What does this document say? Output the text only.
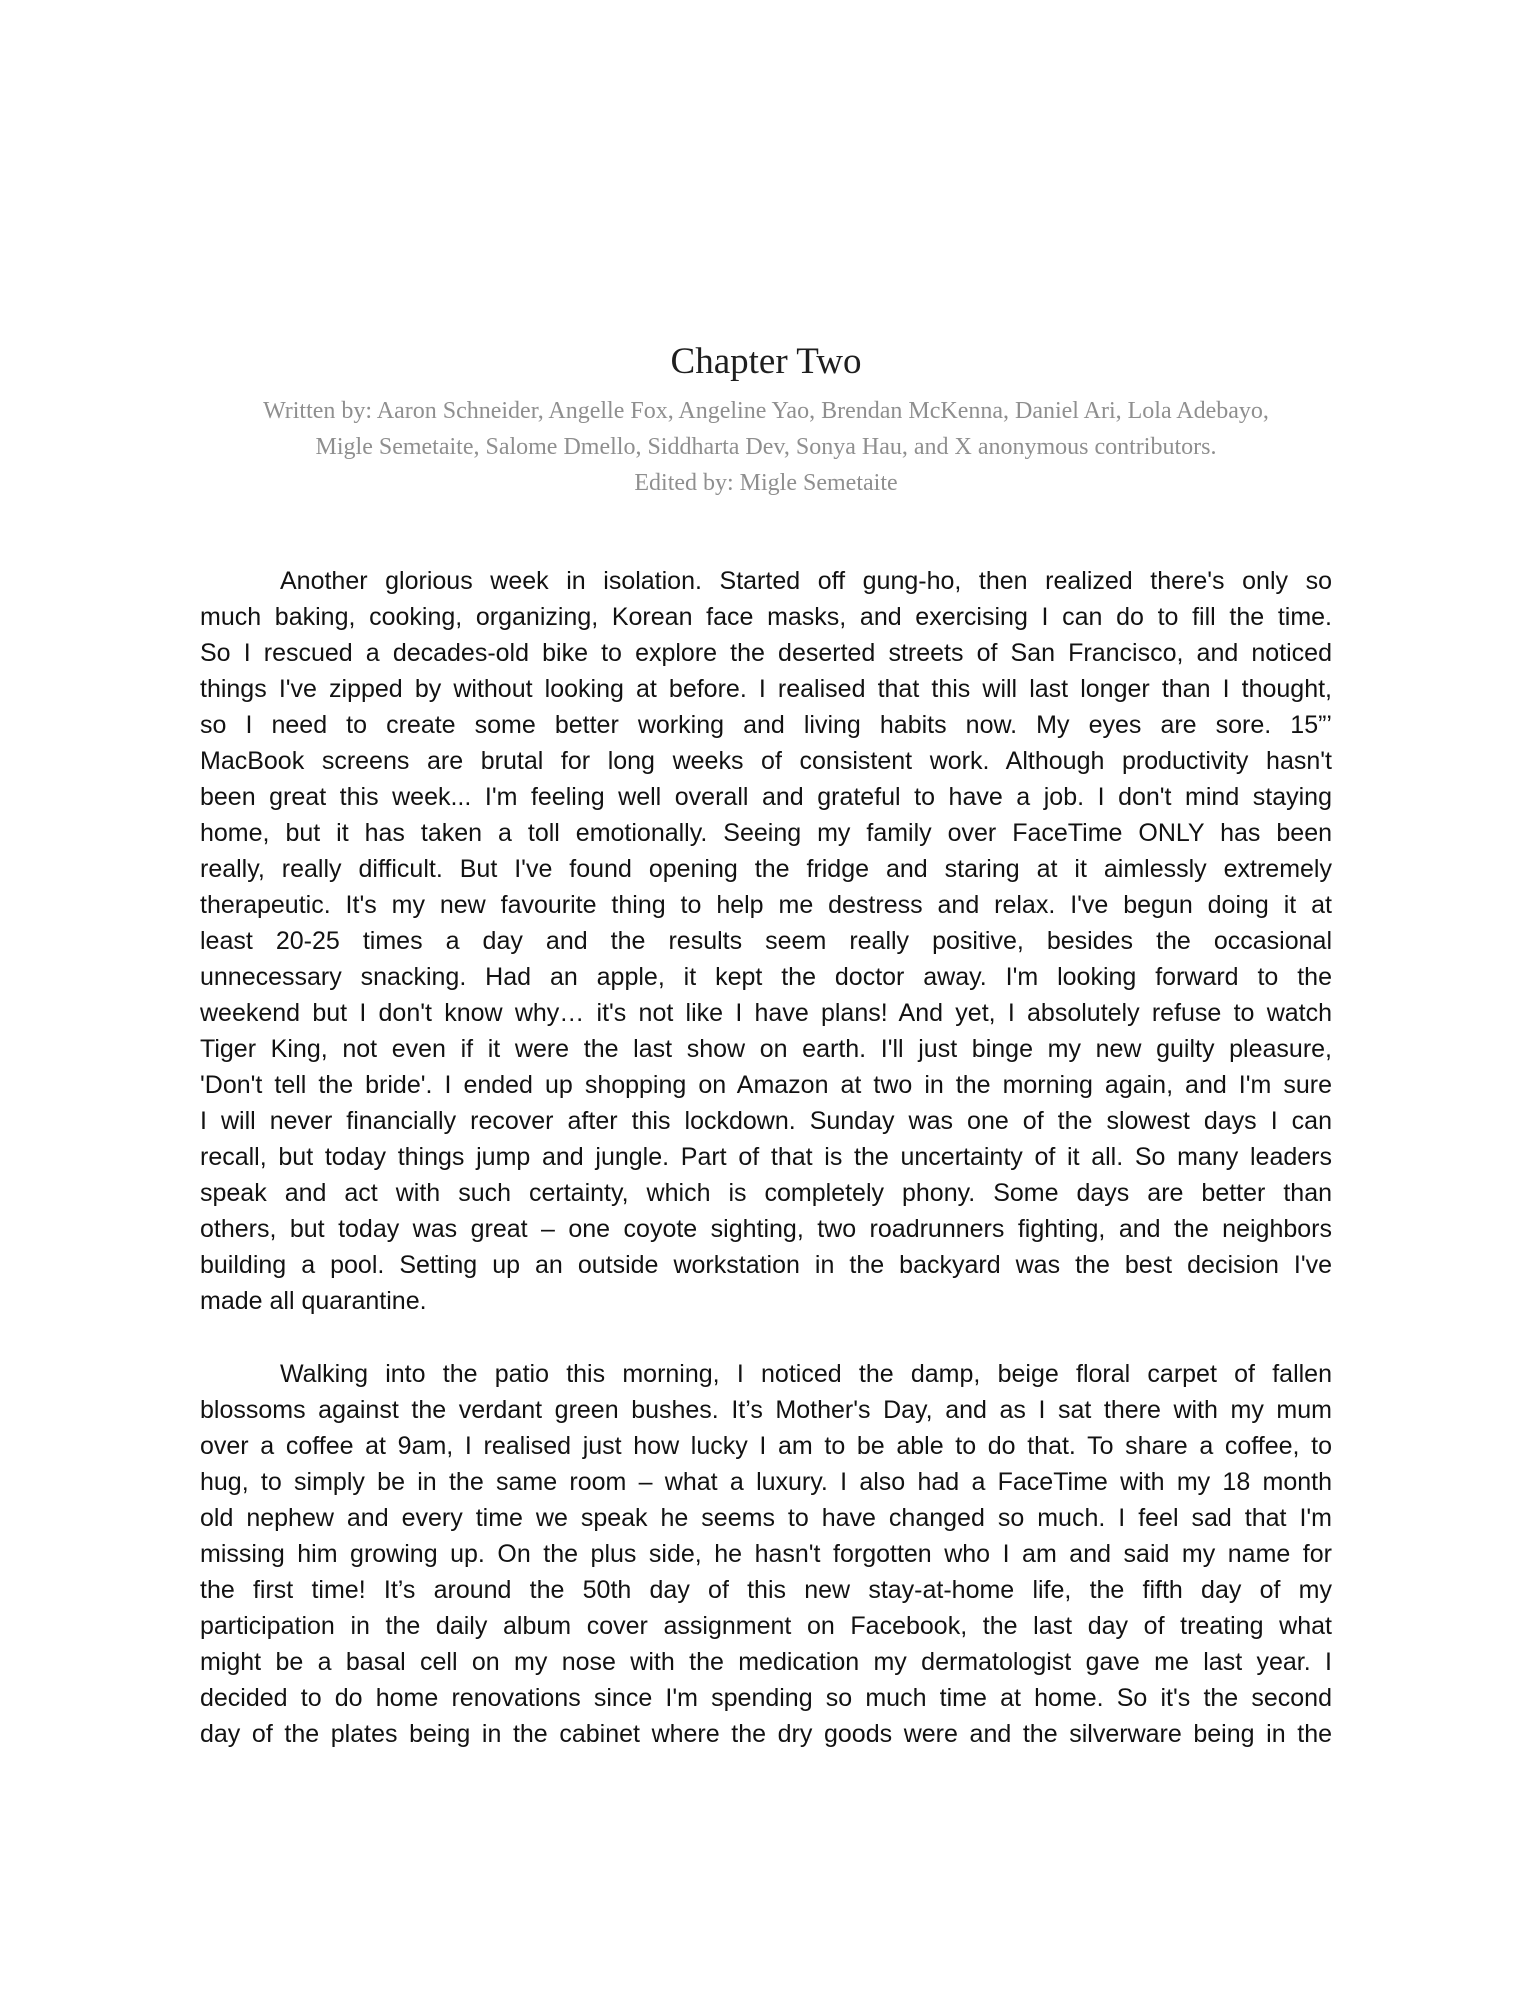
Chapter Two
Written by: Aaron Schneider, Angelle Fox, Angeline Yao, Brendan McKenna, Daniel Ari, Lola Adebayo,
Migle Semetaite, Salome Dmello, Siddharta Dev, Sonya Hau, and X anonymous contributors.
Edited by: Migle Semetaite
Another glorious week in isolation. Started off gung-ho, then realized there's only so
much baking, cooking, organizing, Korean face masks, and exercising I can do to fill the time.
So I rescued a decades-old bike to explore the deserted streets of San Francisco, and noticed
things I've zipped by without looking at before. I realised that this will last longer than I thought,
so I need to create some better working and living habits now. My eyes are sore. 15”’
MacBook screens are brutal for long weeks of consistent work. Although productivity hasn't
been great this week... I'm feeling well overall and grateful to have a job. I don't mind staying
home, but it has taken a toll emotionally. Seeing my family over FaceTime ONLY has been
really, really difficult. But I've found opening the fridge and staring at it aimlessly extremely
therapeutic. It's my new favourite thing to help me destress and relax. I've begun doing it at
least 20-25 times a day and the results seem really positive, besides the occasional
unnecessary snacking. Had an apple, it kept the doctor away. I'm looking forward to the
weekend but I don't know why… it's not like I have plans! And yet, I absolutely refuse to watch
Tiger King, not even if it were the last show on earth. I'll just binge my new guilty pleasure,
'Don't tell the bride'. I ended up shopping on Amazon at two in the morning again, and I'm sure
I will never financially recover after this lockdown. Sunday was one of the slowest days I can
recall, but today things jump and jungle. Part of that is the uncertainty of it all. So many leaders
speak and act with such certainty, which is completely phony. Some days are better than
others, but today was great – one coyote sighting, two roadrunners fighting, and the neighbors
building a pool. Setting up an outside workstation in the backyard was the best decision I've
made all quarantine.
Walking into the patio this morning, I noticed the damp, beige floral carpet of fallen
blossoms against the verdant green bushes. It’s Mother's Day, and as I sat there with my mum
over a coffee at 9am, I realised just how lucky I am to be able to do that. To share a coffee, to
hug, to simply be in the same room – what a luxury. I also had a FaceTime with my 18 month
old nephew and every time we speak he seems to have changed so much. I feel sad that I'm
missing him growing up. On the plus side, he hasn't forgotten who I am and said my name for
the first time! It’s around the 50th day of this new stay-at-home life, the fifth day of my
participation in the daily album cover assignment on Facebook, the last day of treating what
might be a basal cell on my nose with the medication my dermatologist gave me last year. I
decided to do home renovations since I'm spending so much time at home. So it's the second
day of the plates being in the cabinet where the dry goods were and the silverware being in the
